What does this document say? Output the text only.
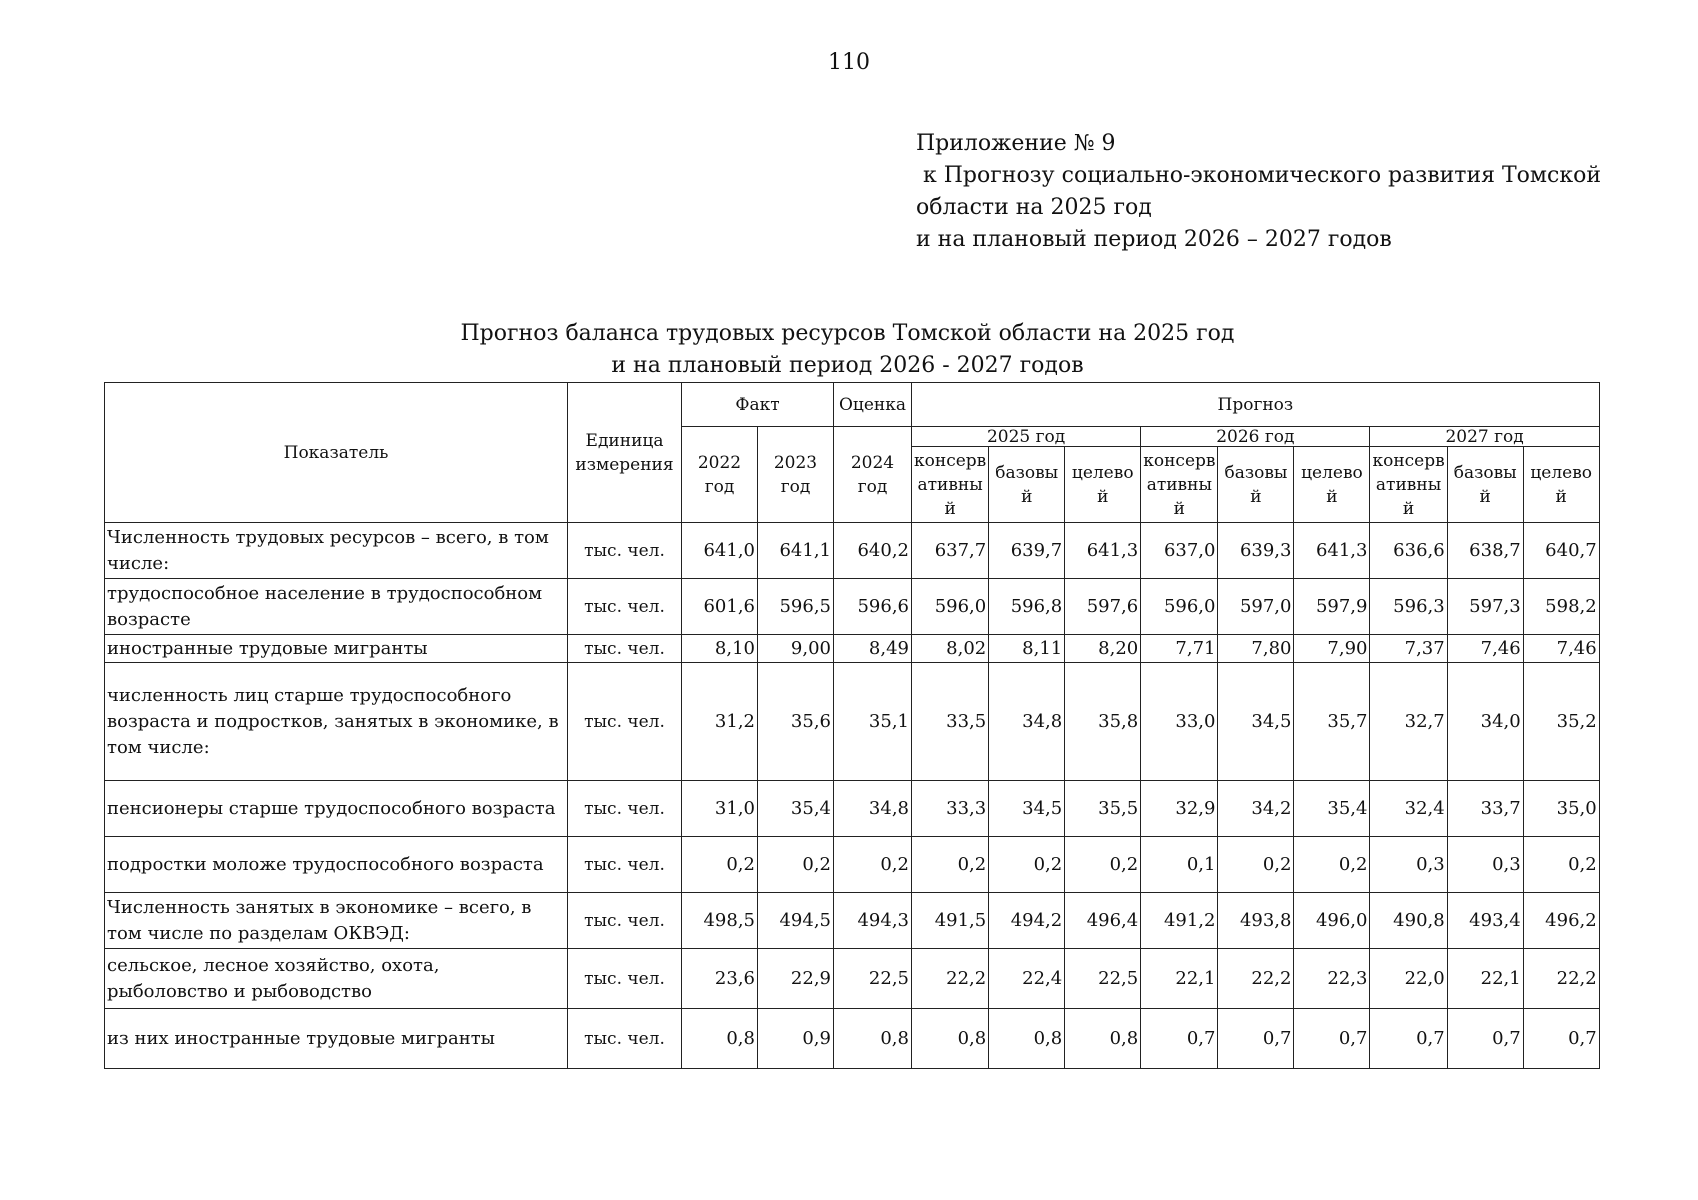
110
Приложение № 9
к Прогнозу социально-экономического развития Томской
области на 2025 год
и на плановый период 2026 – 2027 годов
Прогноз баланса трудовых ресурсов Томской области на 2025 год
и на плановый период 2026 - 2027 годов
Показатель	Единица измерения	Факт		Оценка	Прогноз								
		2022 год	2023 год	2024 год	2025 год			2026 год			2027 год		
					консерв ативны й	базовы й	целево й	консерв ативны й	базовы й	целево й	консерв ативны й	базовы й	целево й
Численность трудовых ресурсов – всего, в том числе:	тыс. чел.	641,0	641,1	640,2	637,7	639,7	641,3	637,0	639,3	641,3	636,6	638,7	640,7
трудоспособное население в трудоспособном возрасте	тыс. чел.	601,6	596,5	596,6	596,0	596,8	597,6	596,0	597,0	597,9	596,3	597,3	598,2
иностранные трудовые мигранты	тыс. чел.	8,10	9,00	8,49	8,02	8,11	8,20	7,71	7,80	7,90	7,37	7,46	7,46
численность лиц старше трудоспособного возраста и подростков, занятых в экономике, в том числе:	тыс. чел.	31,2	35,6	35,1	33,5	34,8	35,8	33,0	34,5	35,7	32,7	34,0	35,2
пенсионеры старше трудоспособного возраста	тыс. чел.	31,0	35,4	34,8	33,3	34,5	35,5	32,9	34,2	35,4	32,4	33,7	35,0
подростки моложе трудоспособного возраста	тыс. чел.	0,2	0,2	0,2	0,2	0,2	0,2	0,1	0,2	0,2	0,3	0,3	0,2
Численность занятых в экономике – всего, в том числе по разделам ОКВЭД:	тыс. чел.	498,5	494,5	494,3	491,5	494,2	496,4	491,2	493,8	496,0	490,8	493,4	496,2
сельское, лесное хозяйство, охота, рыболовство и рыбоводство	тыс. чел.	23,6	22,9	22,5	22,2	22,4	22,5	22,1	22,2	22,3	22,0	22,1	22,2
из них иностранные трудовые мигранты	тыс. чел.	0,8	0,9	0,8	0,8	0,8	0,8	0,7	0,7	0,7	0,7	0,7	0,7
